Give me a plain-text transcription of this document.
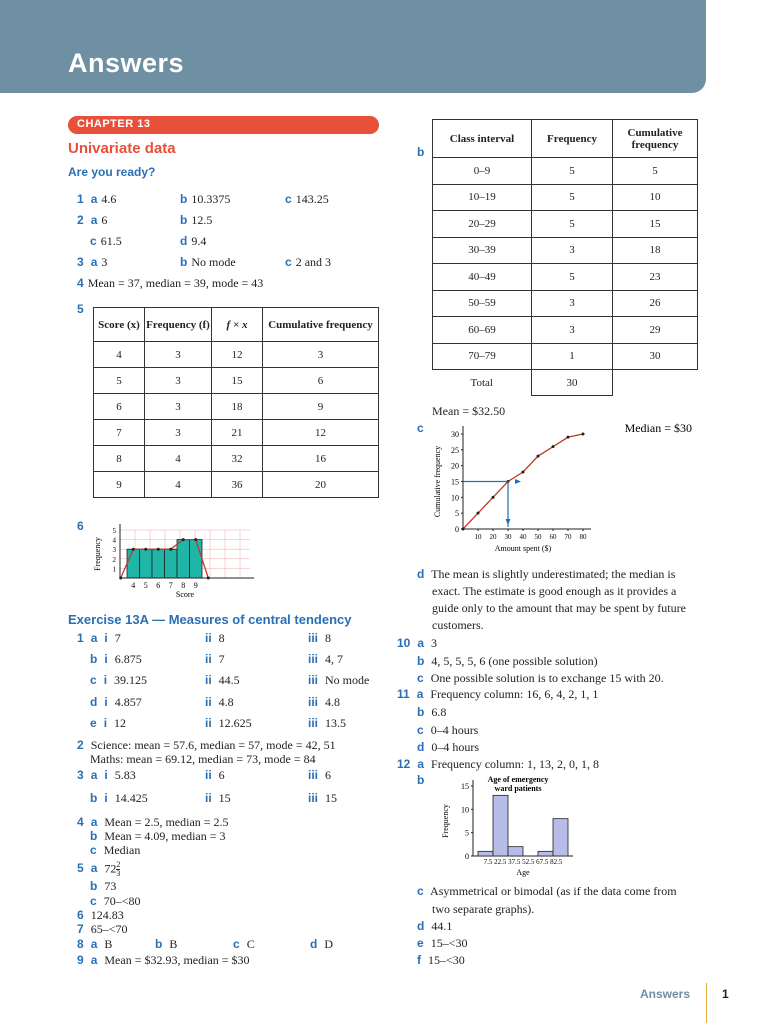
Answers
CHAPTER 13
Univariate data
Are you ready?
1 a 4.6	b 10.3375	c 143.25
2 a 6	b 12.5
c 61.5	d 9.4
3 a 3	b No mode	c 2 and 3
4 Mean = 37, median = 39, mode = 43
5
Score (x)	Frequency (f)	f × x	Cumulative frequency
4	3	12	3
5	3	15	6
6	3	18	9
7	3	21	12
8	4	32	16
9	4	36	20
6
4 5 6 7 8 9
1
2
3
4
5
Score
Frequency
Exercise 13A — Measures of central tendency
1 a i 7	ii 8	iii 8
b i 6.875	ii 7	iii 4, 7
c i 39.125	ii 44.5	iii No mode
d i 4.857	ii 4.8	iii 4.8
e i 12	ii 12.625	iii 13.5
2 Science: mean = 57.6, median = 57, mode = 42, 51
Maths: mean = 69.12, median = 73, mode = 84
3 a i 5.83	ii 6	iii 6
b i 14.425	ii 15	iii 15
4 a Mean = 2.5, median = 2.5
b Mean = 4.09, median = 3
c Median
5 a $72 \frac{2}{3}$
b 73
c 70–<80
6 124.83
7 65–<70
8 a B	b B	c C	d D
9 a Mean = $32.93, median = $30
b
Class interval	Frequency	Cumulative frequency
0–9	5	5
10–19	5	10
20–29	5	15
30–39	3	18
40–49	5	23
50–59	3	26
60–69	3	29
70–79	1	30
Total	30	
Mean = $32.50
c
0
5
10
15
20
25
30
10 20 30 40 50 60 70 80
Amount spent ($)
Cumulative frequency
Median = $30
d The mean is slightly underestimated; the median is
exact. The estimate is good enough as it provides a
guide only to the amount that may be spent by future
customers.
10 a 3
b 4, 5, 5, 5, 6 (one possible solution)
c One possible solution is to exchange 15 with 20.
11 a Frequency column: 16, 6, 4, 2, 1, 1
b 6.8
c 0–4 hours
d 0–4 hours
12 a Frequency column: 1, 13, 2, 0, 1, 8
b
0
5
10
15
7.5 22.5 37.5 52.5 67.5 82.5
Age
Frequency
Age of emergency
ward patients
c Asymmetrical or bimodal (as if the data come from
two separate graphs).
d 44.1
e 15–<30
f 15–<30
Answers	1
